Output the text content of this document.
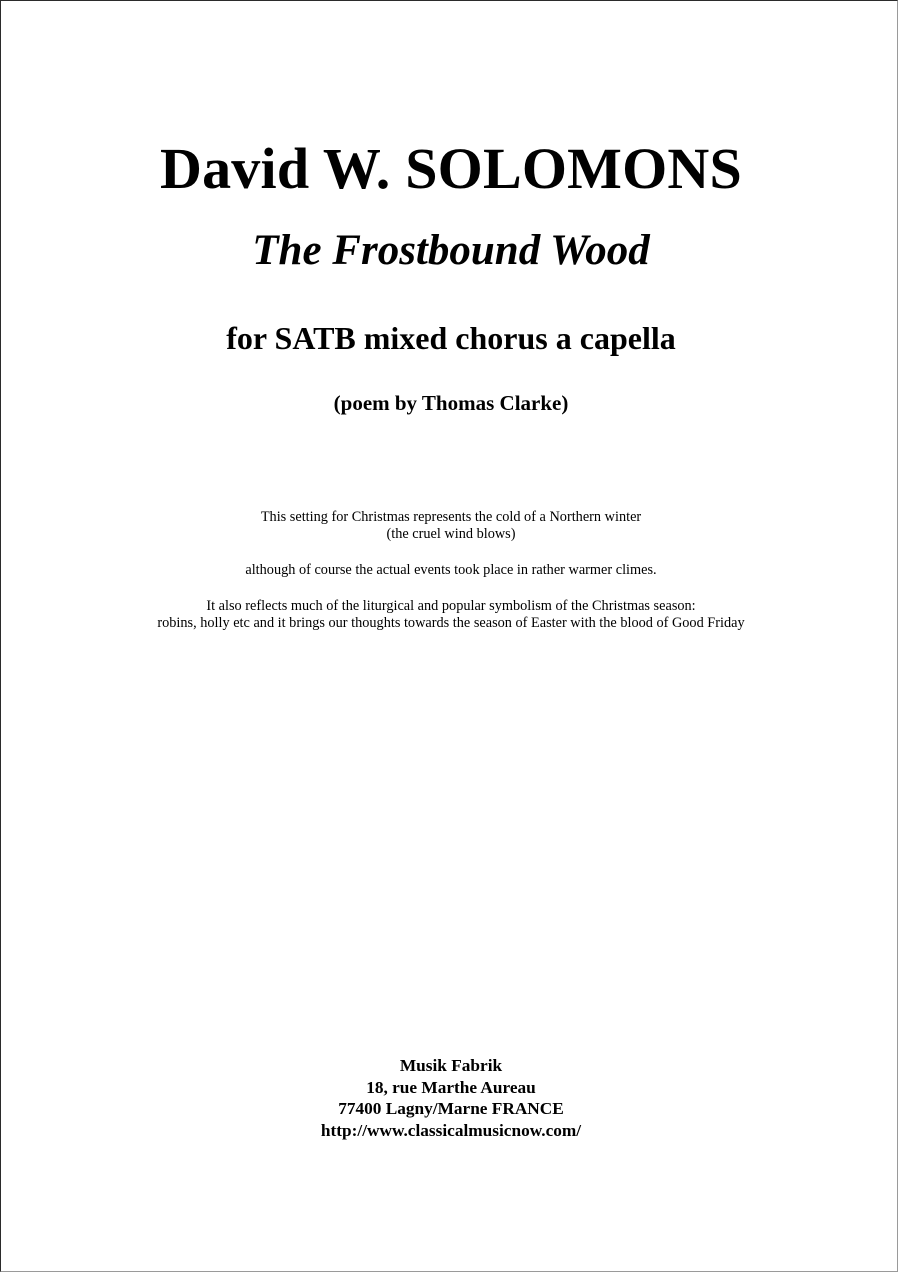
David W. SOLOMONS
The Frostbound Wood
for SATB mixed chorus a capella
(poem by Thomas Clarke)

This setting for Christmas represents the cold of a Northern winter
(the cruel wind blows)

although of course the actual events took place in rather warmer climes.

It also reflects much of the liturgical and popular symbolism of the Christmas season:
robins, holly etc and it brings our thoughts towards the season of Easter with the blood of Good Friday

Musik Fabrik
18, rue Marthe Aureau
77400 Lagny/Marne FRANCE
http://www.classicalmusicnow.com/
